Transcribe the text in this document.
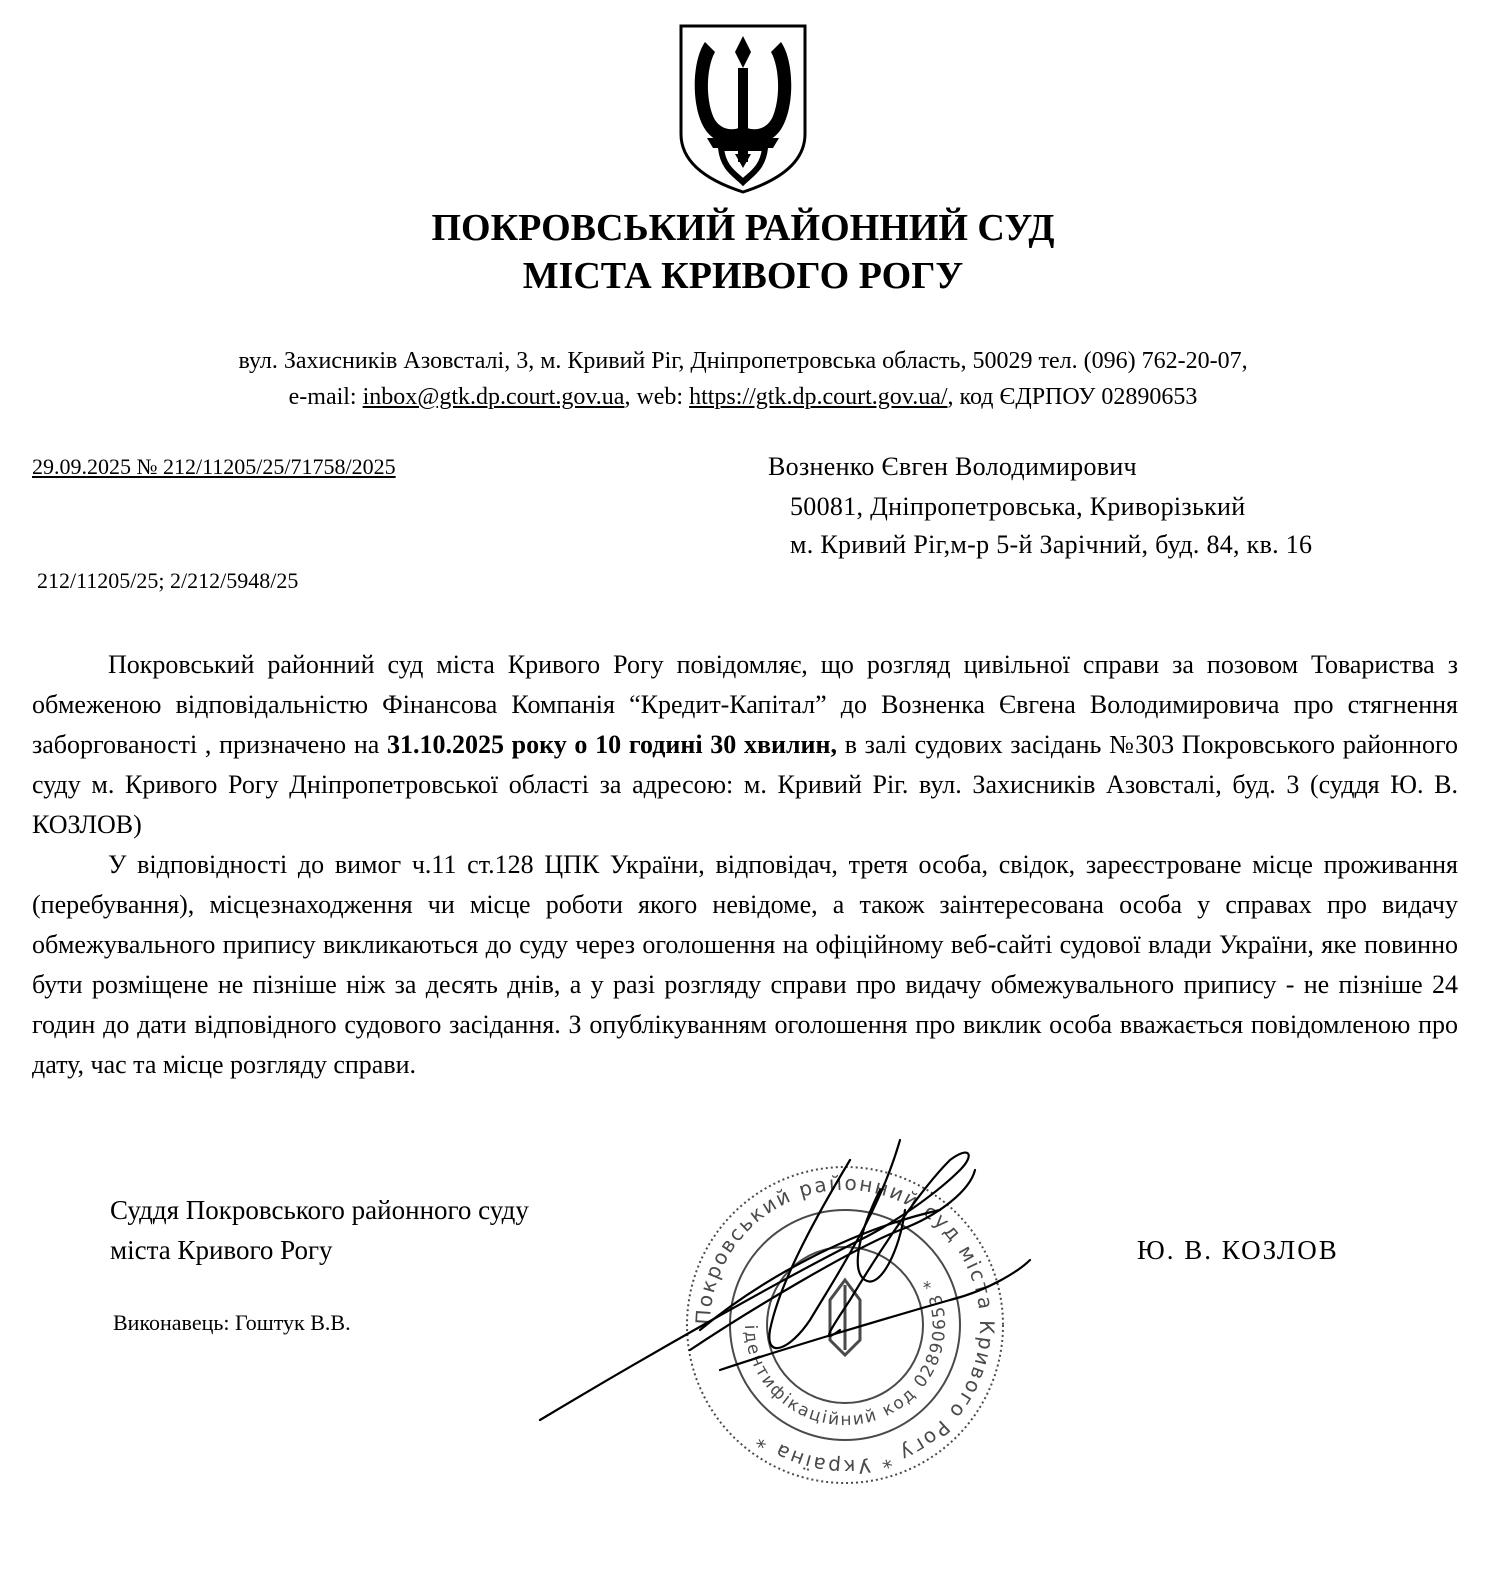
ПОКРОВСЬКИЙ РАЙОННИЙ СУД
МІСТА КРИВОГО РОГУ
вул. Захисників Азовсталі, 3, м. Кривий Ріг, Дніпропетровська область, 50029 тел. (096) 762-20-07,
e-mail: inbox@gtk.dp.court.gov.ua, web: https://gtk.dp.court.gov.ua/, код ЄДРПОУ 02890653
29.09.2025 № 212/11205/25/71758/2025
212/11205/25; 2/212/5948/25
Возненко Євген Володимирович
50081, Дніпропетровська, Криворізький
м. Кривий Ріг,м-р 5-й Зарічний, буд. 84, кв. 16

Покровський районний суд міста Кривого Рогу повідомляє, що розгляд цивільної справи за позовом Товариства з обмеженою відповідальністю Фінансова Компанія “Кредит-Капітал” до Возненка Євгена Володимировича про стягнення заборгованості , призначено на 31.10.2025 року о 10 годині 30 хвилин, в залі судових засідань №303 Покровського районного суду м. Кривого Рогу Дніпропетровської області за адресою: м. Кривий Ріг. вул. Захисників Азовсталі, буд. 3 (суддя Ю. В. КОЗЛОВ)

У відповідності до вимог ч.11 ст.128 ЦПК України, відповідач, третя особа, свідок, зареєстроване місце проживання (перебування), місцезнаходження чи місце роботи якого невідоме, а також заінтересована особа у справах про видачу обмежувального припису викликаються до суду через оголошення на офіційному веб-сайті судової влади України, яке повинно бути розміщене не пізніше ніж за десять днів, а у разі розгляду справи про видачу обмежувального припису - не пізніше 24 годин до дати відповідного судового засідання. З опублікуванням оголошення про виклик особа вважається повідомленою про дату, час та місце розгляду справи.

Суддя Покровського районного суду
міста Кривого Рогу	Ю. В. КОЗЛОВ
Виконавець: Гоштук В.В.	Покровський районний суд міста Кривого Рогу * Україна *
ідентифікаційний код 02890653 *
